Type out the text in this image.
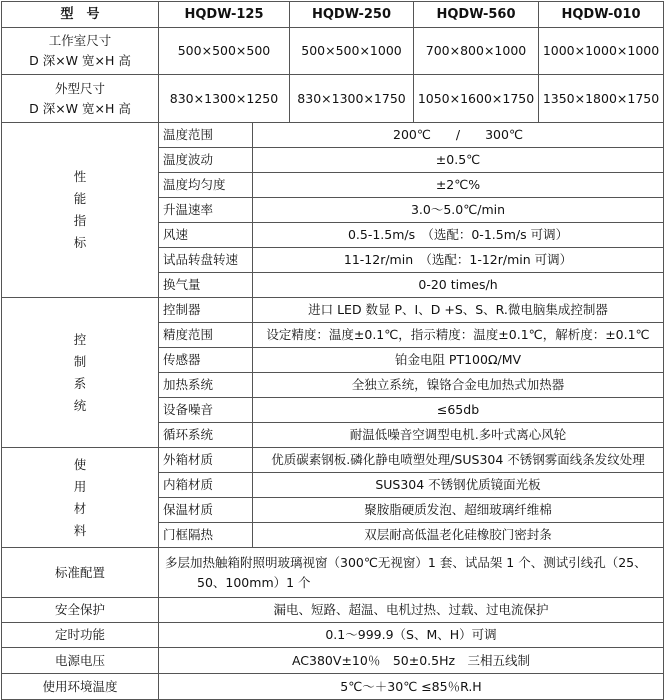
型　号	HQDW-125		HQDW-250	HQDW-560	HQDW-010

工作室尺寸
D 深×W 宽×H 高	500×500×500		500×500×1000	700×800×1000	1000×1000×1000

外型尺寸
D 深×W 宽×H 高	830×1300×1250		830×1300×1750	1050×1600×1750	1350×1800×1750

性
能
指
标	温度范围	200℃　　/　　300℃			
	温度波动	±0.5℃			
	温度均匀度	±2℃%			
	升温速率	3.0～5.0℃/min			
	风速	0.5-1.5m/s　（选配：0-1.5m/s 可调）			
	试品转盘转速	11-12r/min　（选配：1-12r/min 可调）			
	换气量	0-20 times/h			

控
制
系
统	控制器	进口 LED 数显 P、I、D +S、S、R.微电脑集成控制器			
	精度范围	设定精度：温度±0.1℃，指示精度：温度±0.1℃，解析度：±0.1℃			
	传感器	铂金电阻 PT100Ω/MV			
	加热系统	全独立系统，镍铬合金电加热式加热器			
	设备噪音	≤65db			
	循环系统	耐温低噪音空调型电机.多叶式离心风轮			

使
用
材
料	外箱材质	优质碳素钢板.磷化静电喷塑处理/SUS304 不锈钢雾面线条发纹处理			
	内箱材质	SUS304 不锈钢优质镜面光板			
	保温材质	聚胺脂硬质发泡、超细玻璃纤维棉			
	门框隔热	双层耐高低温老化硅橡胶门密封条			
标准配置	多层加热触箱附照明玻璃视窗（300℃无视窗）1 套、试品架 1 个、测试引线孔（25、
50、100mm）1 个				

安全保护	漏电、短路、超温、电机过热、过载、过电流保护				
定时功能	0.1～999.9（S、M、H）可调				
电源电压	AC380V±10％　50±0.5Hz　三相五线制				
使用环境温度	5℃～＋30℃ ≤85％R.H				
